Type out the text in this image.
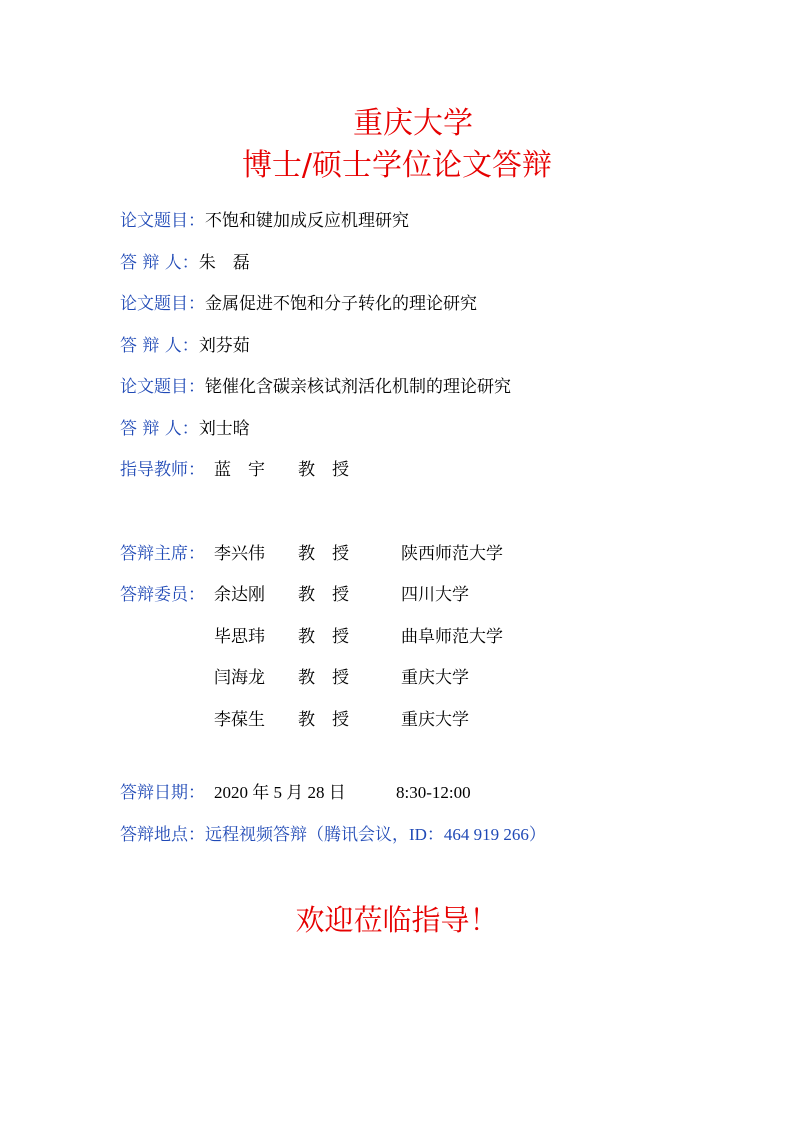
重庆大学
博士/硕士学位论文答辩
论文题目：不饱和键加成反应机理研究
答 辩 人：朱　磊
论文题目：金属促进不饱和分子转化的理论研究
答 辩 人：刘芬茹
论文题目：铑催化含碳亲核试剂活化机制的理论研究
答 辩 人：刘士晗
指导教师： 蓝　宇 教　授
答辩主席： 李兴伟 教　授	陕西师范大学
答辩委员： 余达刚 教　授	四川大学
毕思玮 教　授	曲阜师范大学
闫海龙 教　授	重庆大学
李葆生 教　授	重庆大学
答辩日期： 2020 年 5 月 28 日	8:30-12:00
答辩地点：远程视频答辩（腾讯会议，ID：464 919 266）
欢迎莅临指导！
